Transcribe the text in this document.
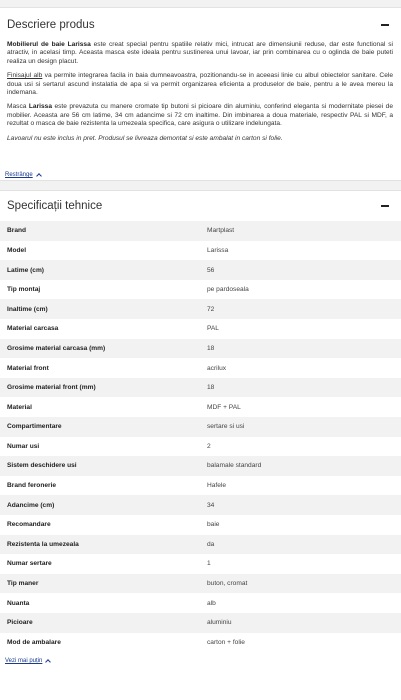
Descriere produs

Mobilierul de baie Larissa este creat special pentru spatiile relativ mici, intrucat are dimensiunii reduse, dar este functional si atractiv, in acelasi timp. Aceasta masca este ideala pentru sustinerea unui lavoar, iar prin combinarea cu o oglinda de baie puteti realiza un design placut.

Finisajul alb va permite integrarea facila in baia dumneavoastra, pozitionandu-se in aceeasi linie cu albul obiectelor sanitare. Cele doua usi si sertarul ascund instalatia de apa si va permit organizarea eficienta a produselor de baie, pentru a le avea mereu la indemana.

Masca Larissa este prevazuta cu manere cromate tip butoni si picioare din aluminiu, conferind eleganta si modernitate piesei de mobilier. Aceasta are 56 cm latime, 34 cm adancime si 72 cm inaltime. Din imbinarea a doua materiale, respectiv PAL si MDF, a rezultat o masca de baie rezistenta la umezeala specifica, care asigura o utilizare indelungata.

Lavoarul nu este inclus in pret. Produsul se livreaza demontat si este ambalat in carton si folie.

Restrânge
Specificații tehnice
Brand	Martplast
Model	Larissa
Latime (cm)	56
Tip montaj	pe pardoseala
Inaltime (cm)	72
Material carcasa	PAL
Grosime material carcasa (mm)	18
Material front	acrilux
Grosime material front (mm)	18
Material	MDF + PAL
Compartimentare	sertare si usi
Numar usi	2
Sistem deschidere usi	balamale standard
Brand feronerie	Hafele
Adancime (cm)	34
Recomandare	baie
Rezistenta la umezeala	da
Numar sertare	1
Tip maner	buton, cromat
Nuanta	alb
Picioare	aluminiu
Mod de ambalare	carton + folie
Vezi mai puțin
